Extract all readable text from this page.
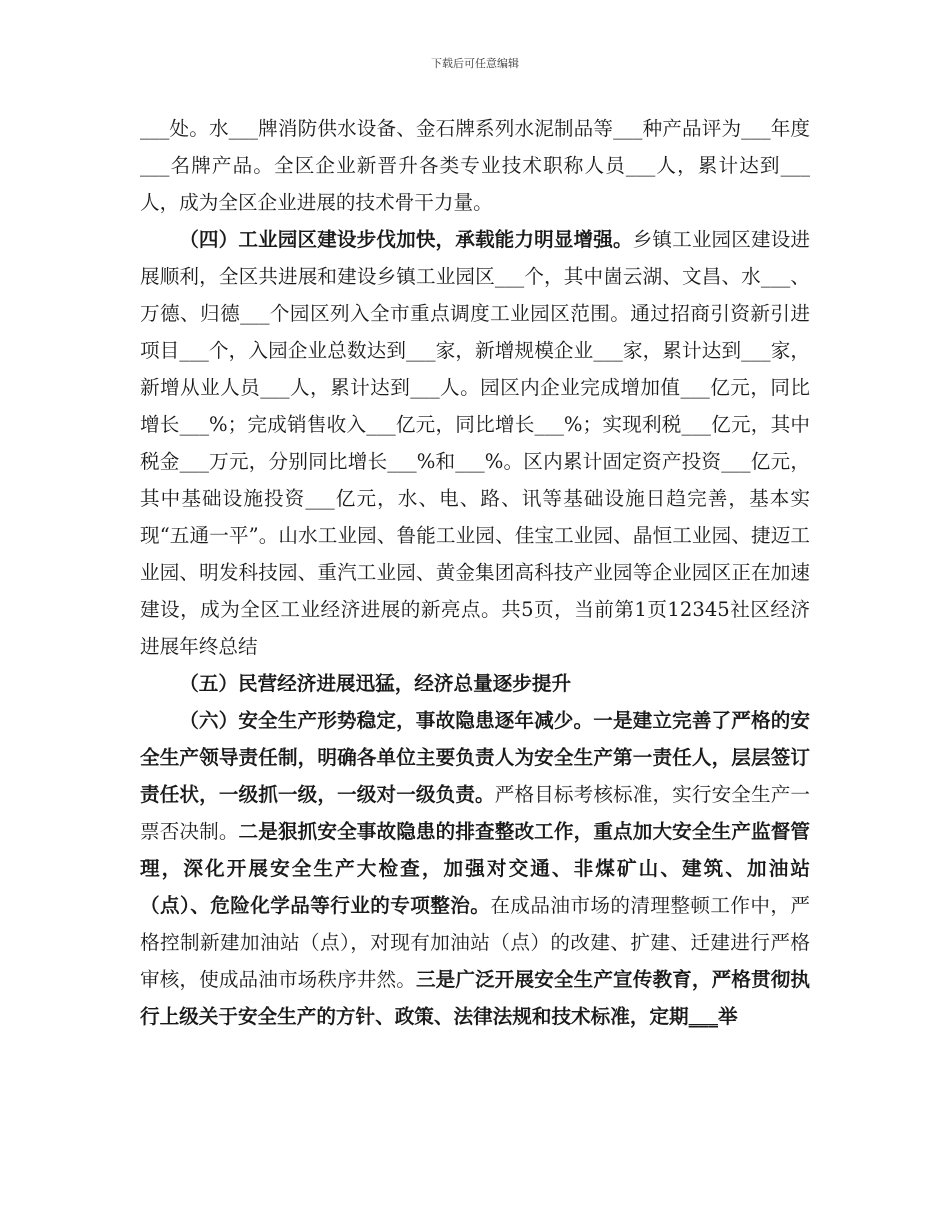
下载后可任意编辑

___处。水___牌消防供水设备、金石牌系列水泥制品等___种产品评为___年度___名牌产品。全区企业新晋升各类专业技术职称人员___人，累计达到___人，成为全区企业进展的技术骨干力量。

（四）工业园区建设步伐加快，承载能力明显增强。乡镇工业园区建设进展顺利，全区共进展和建设乡镇工业园区___个，其中崮云湖、文昌、水___、万德、归德___个园区列入全市重点调度工业园区范围。通过招商引资新引进项目___个，入园企业总数达到___家，新增规模企业___家，累计达到___家，新增从业人员___人，累计达到___人。园区内企业完成增加值___亿元，同比增长___%；完成销售收入___亿元，同比增长___%；实现利税___亿元，其中税金___万元，分别同比增长___%和___%。区内累计固定资产投资___亿元，其中基础设施投资___亿元，水、电、路、讯等基础设施日趋完善，基本实现“五通一平”。山水工业园、鲁能工业园、佳宝工业园、晶恒工业园、捷迈工业园、明发科技园、重汽工业园、黄金集团高科技产业园等企业园区正在加速建设，成为全区工业经济进展的新亮点。共5页，当前第1页12345社区经济进展年终总结

（五）民营经济进展迅猛，经济总量逐步提升

（六）安全生产形势稳定，事故隐患逐年减少。一是建立完善了严格的安全生产领导责任制，明确各单位主要负责人为安全生产第一责任人，层层签订责任状，一级抓一级，一级对一级负责。严格目标考核标准，实行安全生产一票否决制。二是狠抓安全事故隐患的排查整改工作，重点加大安全生产监督管理，深化开展安全生产大检查，加强对交通、非煤矿山、建筑、加油站（点）、危险化学品等行业的专项整治。在成品油市场的清理整顿工作中，严格控制新建加油站（点），对现有加油站（点）的改建、扩建、迁建进行严格审核，使成品油市场秩序井然。三是广泛开展安全生产宣传教育，严格贯彻执行上级关于安全生产的方针、政策、法律法规和技术标准，定期___举
